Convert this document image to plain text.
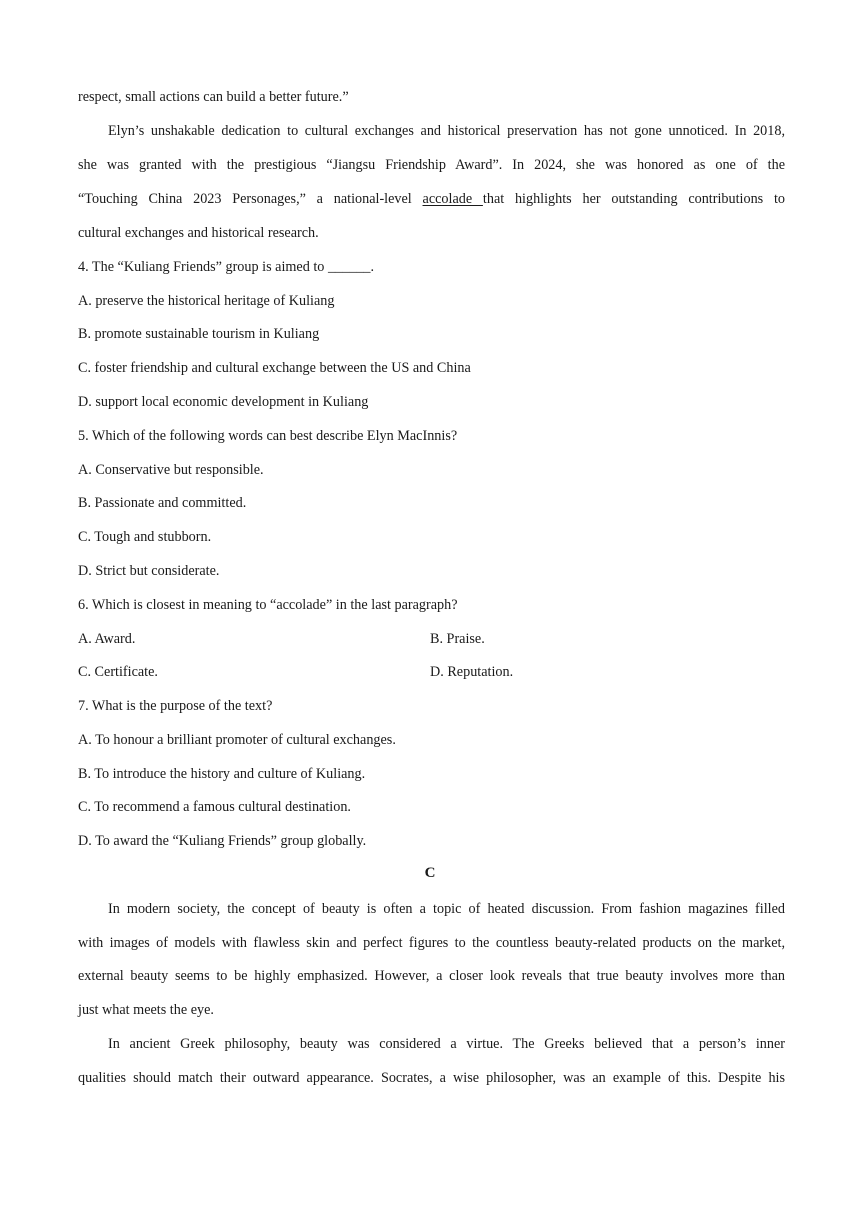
respect, small actions can build a better future.”
Elyn’s unshakable dedication to cultural exchanges and historical preservation has not gone unnoticed. In 2018,
she was granted with the prestigious “Jiangsu Friendship Award”. In 2024, she was honored as one of the
“Touching China 2023 Personages,” a national-level accolade that highlights her outstanding contributions to
cultural exchanges and historical research.
4. The “Kuliang Friends” group is aimed to ______.
A. preserve the historical heritage of Kuliang
B. promote sustainable tourism in Kuliang
C. foster friendship and cultural exchange between the US and China
D. support local economic development in Kuliang
5. Which of the following words can best describe Elyn MacInnis?
A. Conservative but responsible.
B. Passionate and committed.
C. Tough and stubborn.
D. Strict but considerate.
6. Which is closest in meaning to “accolade” in the last paragraph?
A. Award.	B. Praise.
C. Certificate.	D. Reputation.
7. What is the purpose of the text?
A. To honour a brilliant promoter of cultural exchanges.
B. To introduce the history and culture of Kuliang.
C. To recommend a famous cultural destination.
D. To award the “Kuliang Friends” group globally.
C
In modern society, the concept of beauty is often a topic of heated discussion. From fashion magazines filled
with images of models with flawless skin and perfect figures to the countless beauty-related products on the market,
external beauty seems to be highly emphasized. However, a closer look reveals that true beauty involves more than
just what meets the eye.
In ancient Greek philosophy, beauty was considered a virtue. The Greeks believed that a person’s inner
qualities should match their outward appearance. Socrates, a wise philosopher, was an example of this. Despite his
